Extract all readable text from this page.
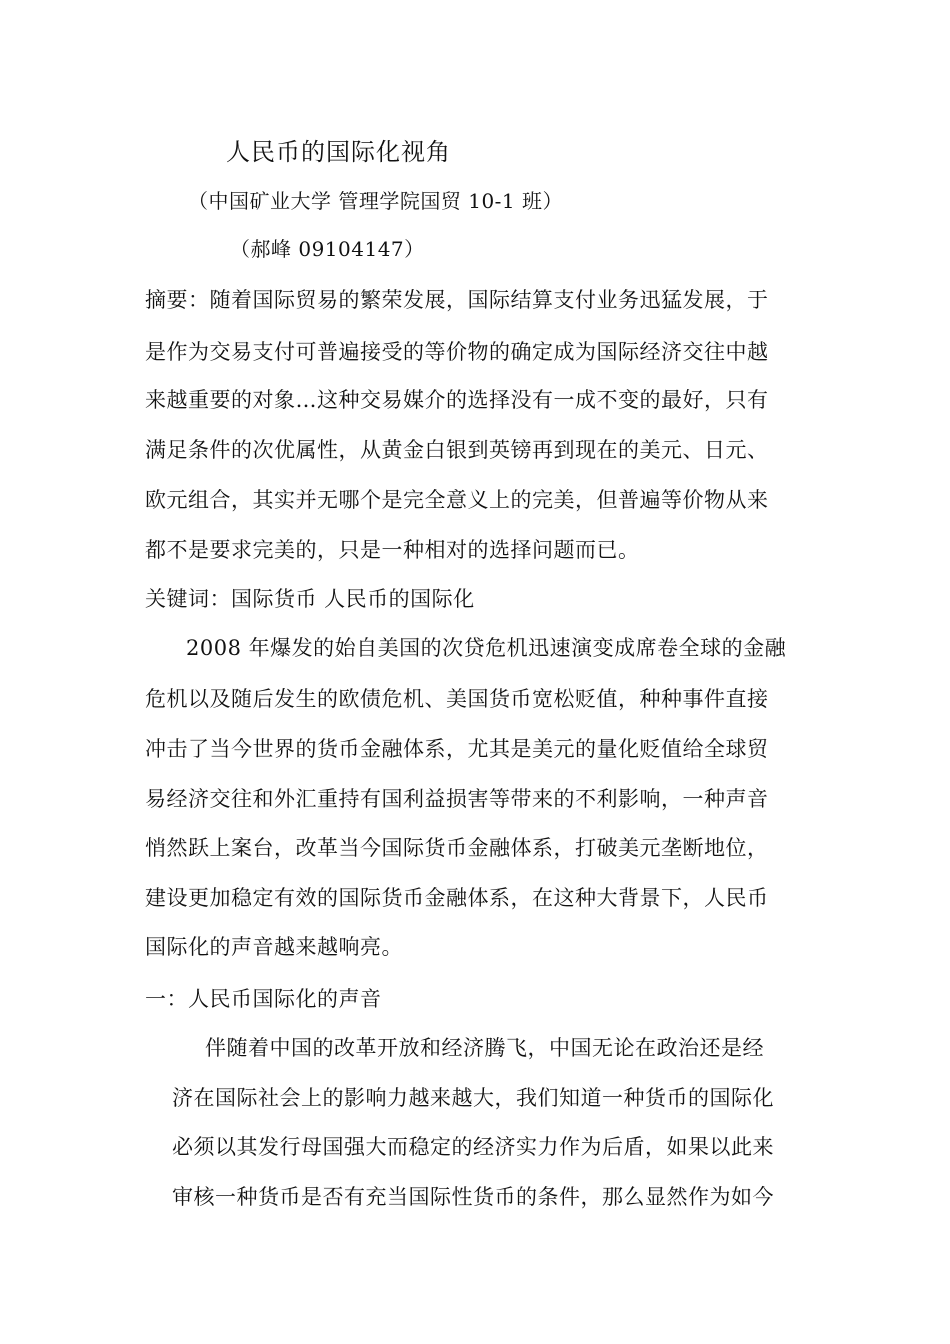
人民币的国际化视角
（中国矿业大学 管理学院国贸 10-1 班）
（郝峰 09104147）
摘要：随着国际贸易的繁荣发展，国际结算支付业务迅猛发展，于
是作为交易支付可普遍接受的等价物的确定成为国际经济交往中越
来越重要的对象…这种交易媒介的选择没有一成不变的最好，只有
满足条件的次优属性，从黄金白银到英镑再到现在的美元、日元、
欧元组合，其实并无哪个是完全意义上的完美，但普遍等价物从来
都不是要求完美的，只是一种相对的选择问题而已。
关键词：国际货币 人民币的国际化
2008 年爆发的始自美国的次贷危机迅速演变成席卷全球的金融
危机以及随后发生的欧债危机、美国货币宽松贬值，种种事件直接
冲击了当今世界的货币金融体系，尤其是美元的量化贬值给全球贸
易经济交往和外汇重持有国利益损害等带来的不利影响，一种声音
悄然跃上案台，改革当今国际货币金融体系，打破美元垄断地位，
建设更加稳定有效的国际货币金融体系，在这种大背景下，人民币
国际化的声音越来越响亮。
一：人民币国际化的声音
伴随着中国的改革开放和经济腾飞，中国无论在政治还是经
济在国际社会上的影响力越来越大，我们知道一种货币的国际化
必须以其发行母国强大而稳定的经济实力作为后盾，如果以此来
审核一种货币是否有充当国际性货币的条件，那么显然作为如今
